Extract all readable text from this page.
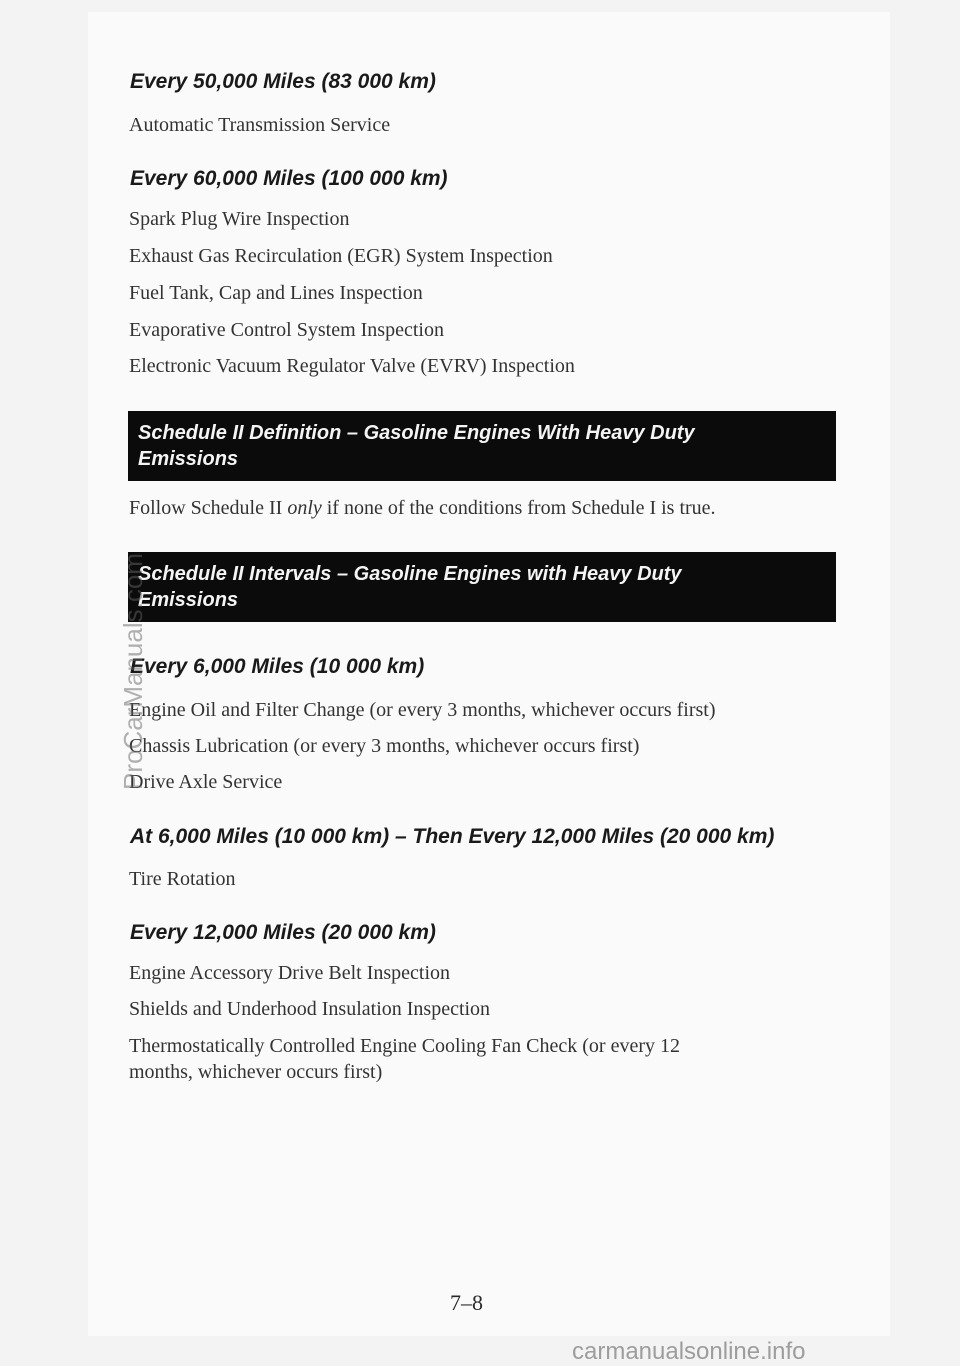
Every 50,000 Miles (83 000 km)
Automatic Transmission Service
Every 60,000 Miles (100 000 km)
Spark Plug Wire Inspection
Exhaust Gas Recirculation (EGR) System Inspection
Fuel Tank, Cap and Lines Inspection
Evaporative Control System Inspection
Electronic Vacuum Regulator Valve (EVRV) Inspection
Schedule II Definition – Gasoline Engines With Heavy Duty
Emissions
Follow Schedule II only if none of the conditions from Schedule I is true.
Schedule II Intervals – Gasoline Engines with Heavy Duty
Emissions
Every 6,000 Miles (10 000 km)
Engine Oil and Filter Change (or every 3 months, whichever occurs first)
Chassis Lubrication (or every 3 months, whichever occurs first)
Drive Axle Service
At 6,000 Miles (10 000 km) – Then Every 12,000 Miles (20 000 km)
Tire Rotation
Every 12,000 Miles (20 000 km)
Engine Accessory Drive Belt Inspection
Shields and Underhood Insulation Inspection
Thermostatically Controlled Engine Cooling Fan Check (or every 12
months, whichever occurs first)
7–8
ProCarManuals.com
carmanualsonline.info
